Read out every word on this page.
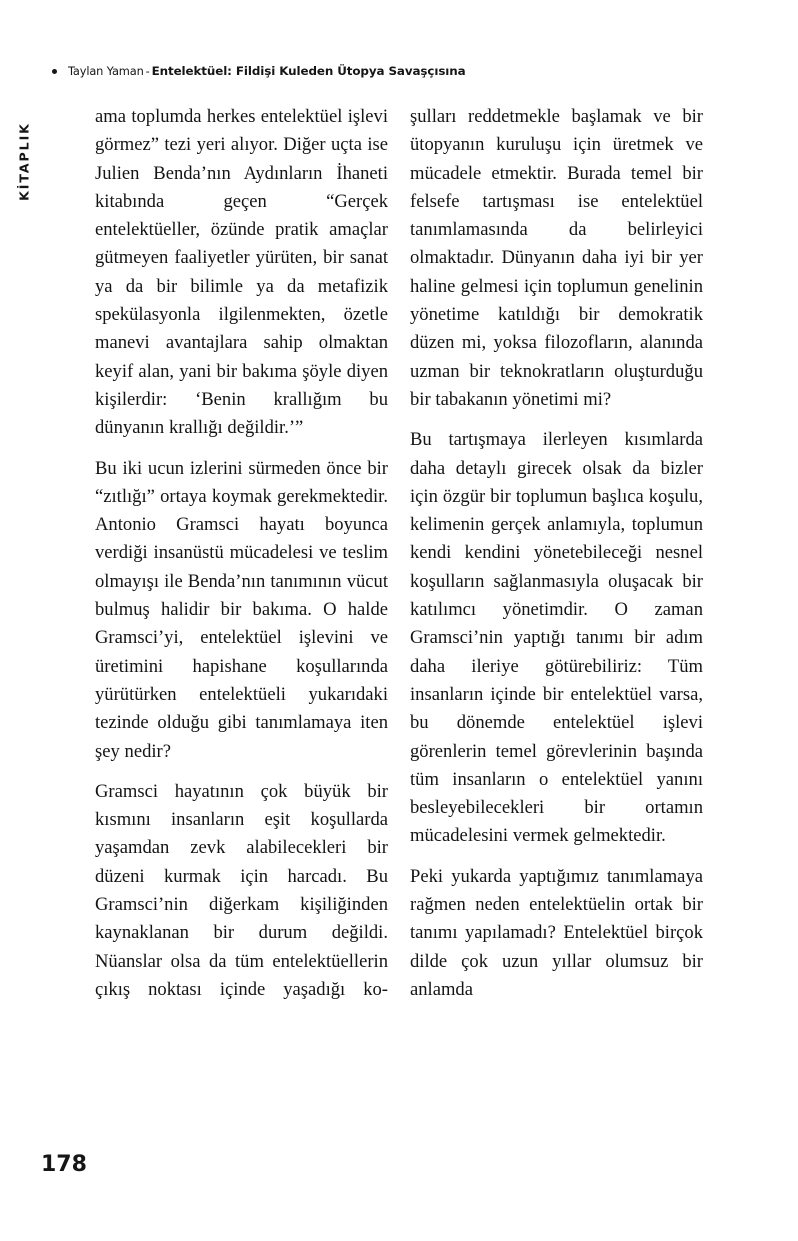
Taylan Yaman - Entelektüel: Fildişi Kuleden Ütopya Savaşçısına
KİTAPLIK

ama toplumda herkes entelektüel işlevi görmez” tezi yeri alıyor. Diğer uçta ise Julien Benda’nın Aydınların İhaneti kitabında geçen “Gerçek entelektüeller, özünde pratik amaçlar gütmeyen faaliyetler yürüten, bir sanat ya da bir bilimle ya da metafizik spekülasyonla ilgilenmekten, özetle manevi avantajlara sahip olmaktan keyif alan, yani bir bakıma şöyle diyen kişilerdir: ‘Benin krallığım bu dünyanın krallığı değildir.’”

Bu iki ucun izlerini sürmeden önce bir “zıtlığı” ortaya koymak gerekmektedir. Antonio Gramsci hayatı boyunca verdiği insanüstü mücadelesi ve teslim olmayışı ile Benda’nın tanımının vücut bulmuş halidir bir bakıma. O halde Gramsci’yi, entelektüel işlevini ve üretimini hapishane koşullarında yürütürken entelektüeli yukarıdaki tezinde olduğu gibi tanımlamaya iten şey nedir?

Gramsci hayatının çok büyük bir kısmını insanların eşit koşullarda yaşamdan zevk alabilecekleri bir düzeni kurmak için harcadı. Bu Gramsci’nin diğerkam kişiliğinden kaynaklanan bir durum değildi. Nüanslar olsa da tüm entelektüellerin çıkış noktası içinde yaşadığı ko-

şulları reddetmekle başlamak ve bir ütopyanın kuruluşu için üretmek ve mücadele etmektir. Burada temel bir felsefe tartışması ise entelektüel tanımlamasında da belirleyici olmaktadır. Dünyanın daha iyi bir yer haline gelmesi için toplumun genelinin yönetime katıldığı bir demokratik düzen mi, yoksa filozofların, alanında uzman bir teknokratların oluşturduğu bir tabakanın yönetimi mi?

Bu tartışmaya ilerleyen kısımlarda daha detaylı girecek olsak da bizler için özgür bir toplumun başlıca koşulu, kelimenin gerçek anlamıyla, toplumun kendi kendini yönetebileceği nesnel koşulların sağlanmasıyla oluşacak bir katılımcı yönetimdir. O zaman Gramsci’nin yaptığı tanımı bir adım daha ileriye götürebiliriz: Tüm insanların içinde bir entelektüel varsa, bu dönemde entelektüel işlevi görenlerin temel görevlerinin başında tüm insanların o entelektüel yanını besleyebilecekleri bir ortamın mücadelesini vermek gelmektedir.

Peki yukarda yaptığımız tanımlamaya rağmen neden entelektüelin ortak bir tanımı yapılamadı? Entelektüel birçok dilde çok uzun yıllar olumsuz bir anlamda

178
